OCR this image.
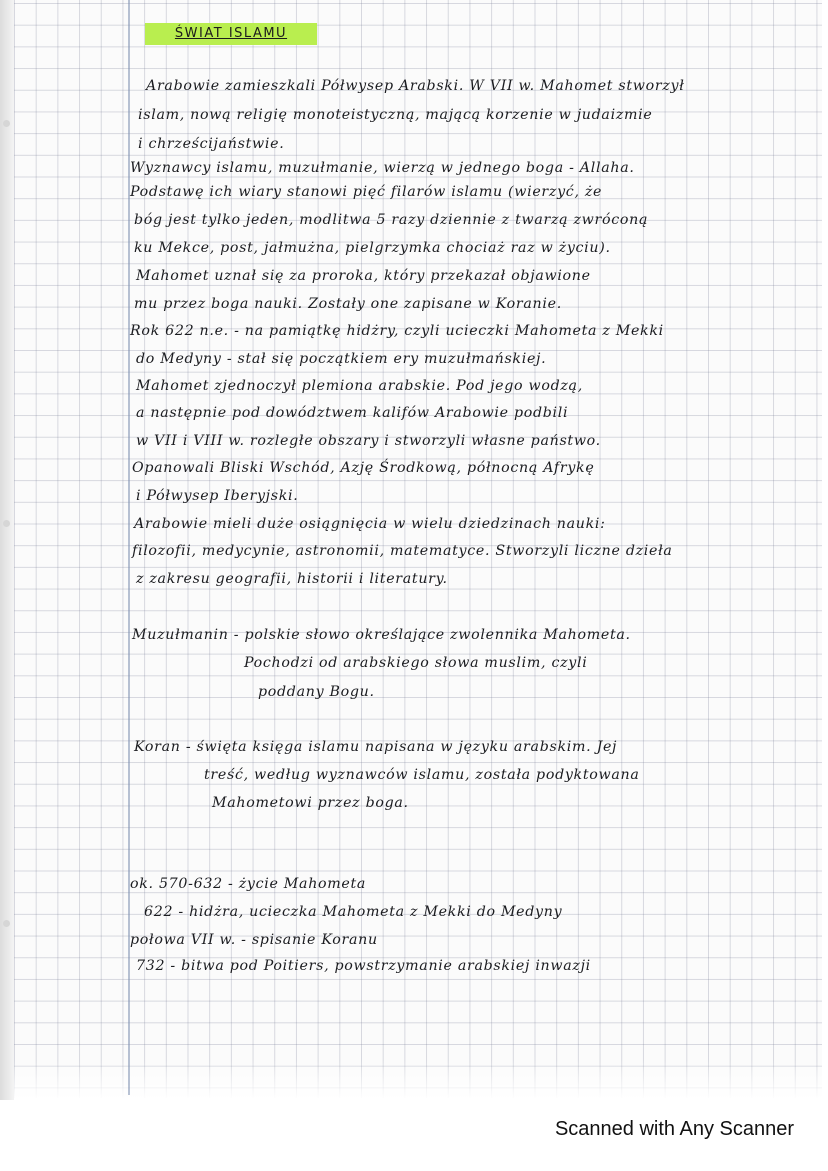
ŚWIAT ISLAMU
Arabowie zamieszkali Półwysep Arabski. W VII w. Mahomet stworzył
islam, nową religię monoteistyczną, mającą korzenie w judaizmie
i chrześcijaństwie.
Wyznawcy islamu, muzułmanie, wierzą w jednego boga - Allaha.
Podstawę ich wiary stanowi pięć filarów islamu (wierzyć, że
bóg jest tylko jeden, modlitwa 5 razy dziennie z twarzą zwróconą
ku Mekce, post, jałmużna, pielgrzymka chociaż raz w życiu).
Mahomet uznał się za proroka, który przekazał objawione
mu przez boga nauki. Zostały one zapisane w Koranie.
Rok 622 n.e. - na pamiątkę hidżry, czyli ucieczki Mahometa z Mekki
do Medyny - stał się początkiem ery muzułmańskiej.
Mahomet zjednoczył plemiona arabskie. Pod jego wodzą,
a następnie pod dowództwem kalifów Arabowie podbili
w VII i VIII w. rozległe obszary i stworzyli własne państwo.
Opanowali Bliski Wschód, Azję Środkową, północną Afrykę
i Półwysep Iberyjski.
Arabowie mieli duże osiągnięcia w wielu dziedzinach nauki:
filozofii, medycynie, astronomii, matematyce. Stworzyli liczne dzieła
z zakresu geografii, historii i literatury.
Muzułmanin - polskie słowo określające zwolennika Mahometa.
Pochodzi od arabskiego słowa muslim, czyli
poddany Bogu.
Koran - święta księga islamu napisana w języku arabskim. Jej
treść, według wyznawców islamu, została podyktowana
Mahometowi przez boga.
ok. 570-632 - życie Mahometa
622 - hidżra, ucieczka Mahometa z Mekki do Medyny
połowa VII w. - spisanie Koranu
732 - bitwa pod Poitiers, powstrzymanie arabskiej inwazji
Scanned with Any Scanner
